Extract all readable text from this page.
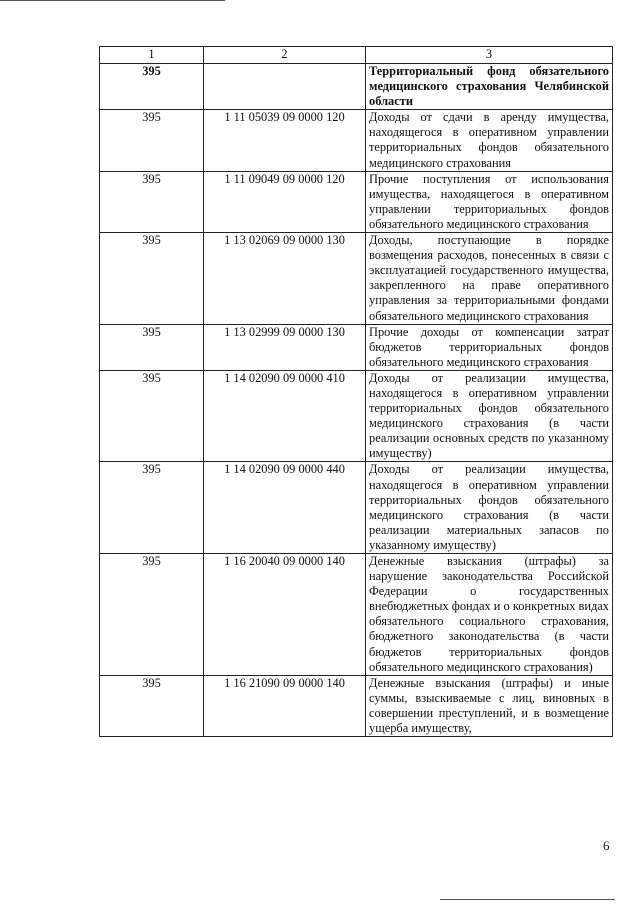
1	2	3
395		Территориальный фонд обязательного медицинского страхования Челябинской области
395	1 11 05039 09 0000 120	Доходы от сдачи в аренду имущества, находящегося в оперативном управлении территориальных фондов обязательного медицинского страхования
395	1 11 09049 09 0000 120	Прочие поступления от использования имущества, находящегося в оперативном управлении территориальных фондов обязательного медицинского страхования
395	1 13 02069 09 0000 130	Доходы, поступающие в порядке возмещения расходов, понесенных в связи с эксплуатацией государственного имущества, закрепленного на праве оперативного управления за территориальными фондами обязательного медицинского страхования
395	1 13 02999 09 0000 130	Прочие доходы от компенсации затрат бюджетов территориальных фондов обязательного медицинского страхования
395	1 14 02090 09 0000 410	Доходы от реализации имущества, находящегося в оперативном управлении территориальных фондов обязательного медицинского страхования (в части реализации основных средств по указанному имуществу)
395	1 14 02090 09 0000 440	Доходы от реализации имущества, находящегося в оперативном управлении территориальных фондов обязательного медицинского страхования (в части реализации материальных запасов по указанному имуществу)
395	1 16 20040 09 0000 140	Денежные взыскания (штрафы) за нарушение законодательства Российской Федерации о государственных внебюджетных фондах и о конкретных видах обязательного социального страхования, бюджетного законодательства (в части бюджетов территориальных фондов обязательного медицинского страхования)
395	1 16 21090 09 0000 140	Денежные взыскания (штрафы) и иные суммы, взыскиваемые с лиц, виновных в совершении преступлений, и в возмещение ущерба имуществу,
6
